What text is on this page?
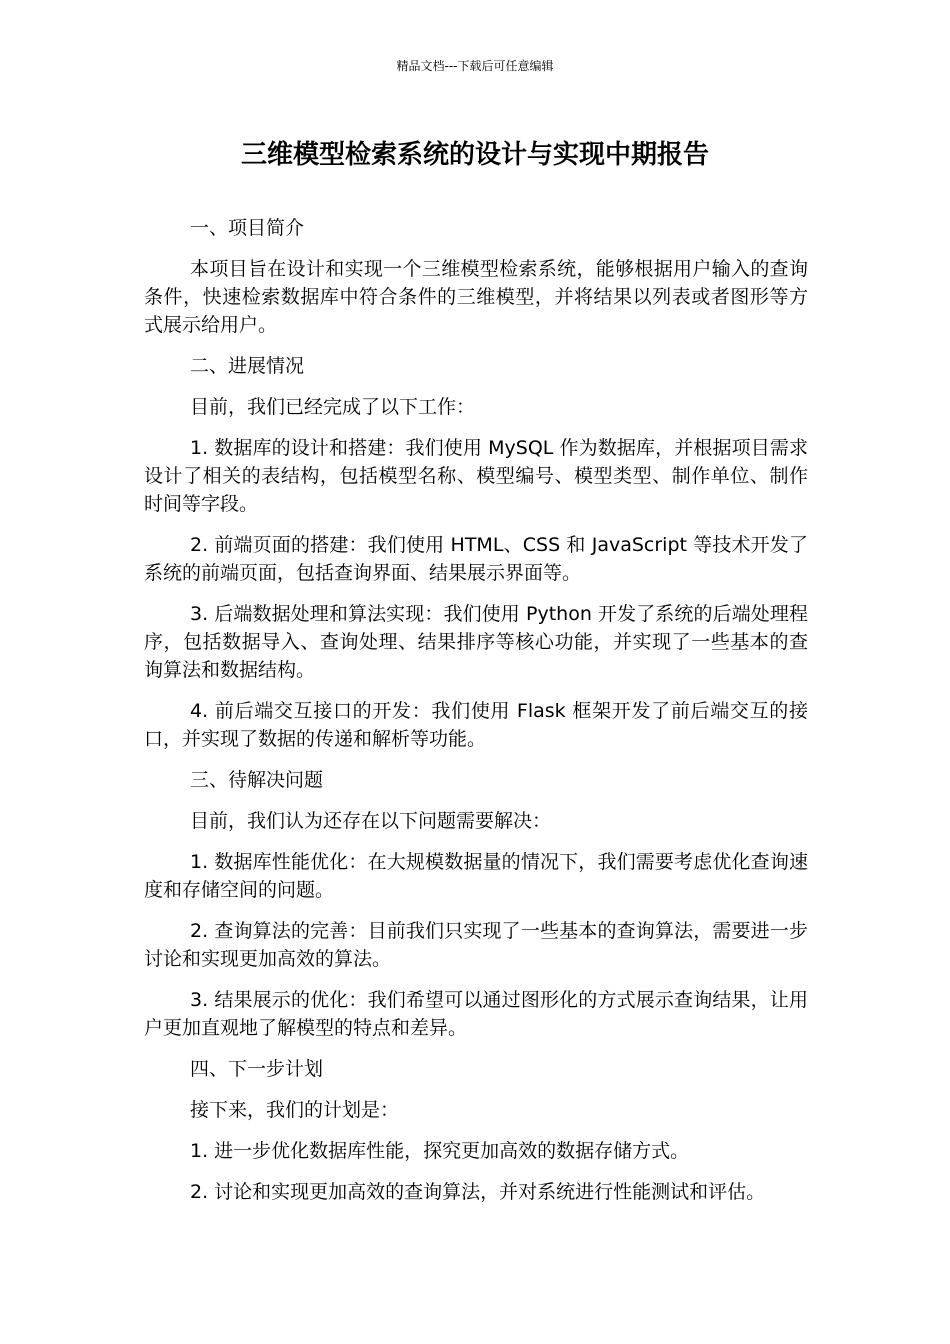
精品文档---下载后可任意编辑
三维模型检索系统的设计与实现中期报告

一、项目简介

本项目旨在设计和实现一个三维模型检索系统，能够根据用户输入的查询条件，快速检索数据库中符合条件的三维模型，并将结果以列表或者图形等方式展示给用户。

二、进展情况

目前，我们已经完成了以下工作：

1. 数据库的设计和搭建：我们使用 MySQL 作为数据库，并根据项目需求设计了相关的表结构，包括模型名称、模型编号、模型类型、制作单位、制作时间等字段。

2. 前端页面的搭建：我们使用 HTML、CSS 和 JavaScript 等技术开发了系统的前端页面，包括查询界面、结果展示界面等。

3. 后端数据处理和算法实现：我们使用 Python 开发了系统的后端处理程序，包括数据导入、查询处理、结果排序等核心功能，并实现了一些基本的查询算法和数据结构。

4. 前后端交互接口的开发：我们使用 Flask 框架开发了前后端交互的接口，并实现了数据的传递和解析等功能。

三、待解决问题

目前，我们认为还存在以下问题需要解决：

1. 数据库性能优化：在大规模数据量的情况下，我们需要考虑优化查询速度和存储空间的问题。

2. 查询算法的完善：目前我们只实现了一些基本的查询算法，需要进一步讨论和实现更加高效的算法。

3. 结果展示的优化：我们希望可以通过图形化的方式展示查询结果，让用户更加直观地了解模型的特点和差异。

四、下一步计划

接下来，我们的计划是：

1. 进一步优化数据库性能，探究更加高效的数据存储方式。

2. 讨论和实现更加高效的查询算法，并对系统进行性能测试和评估。
